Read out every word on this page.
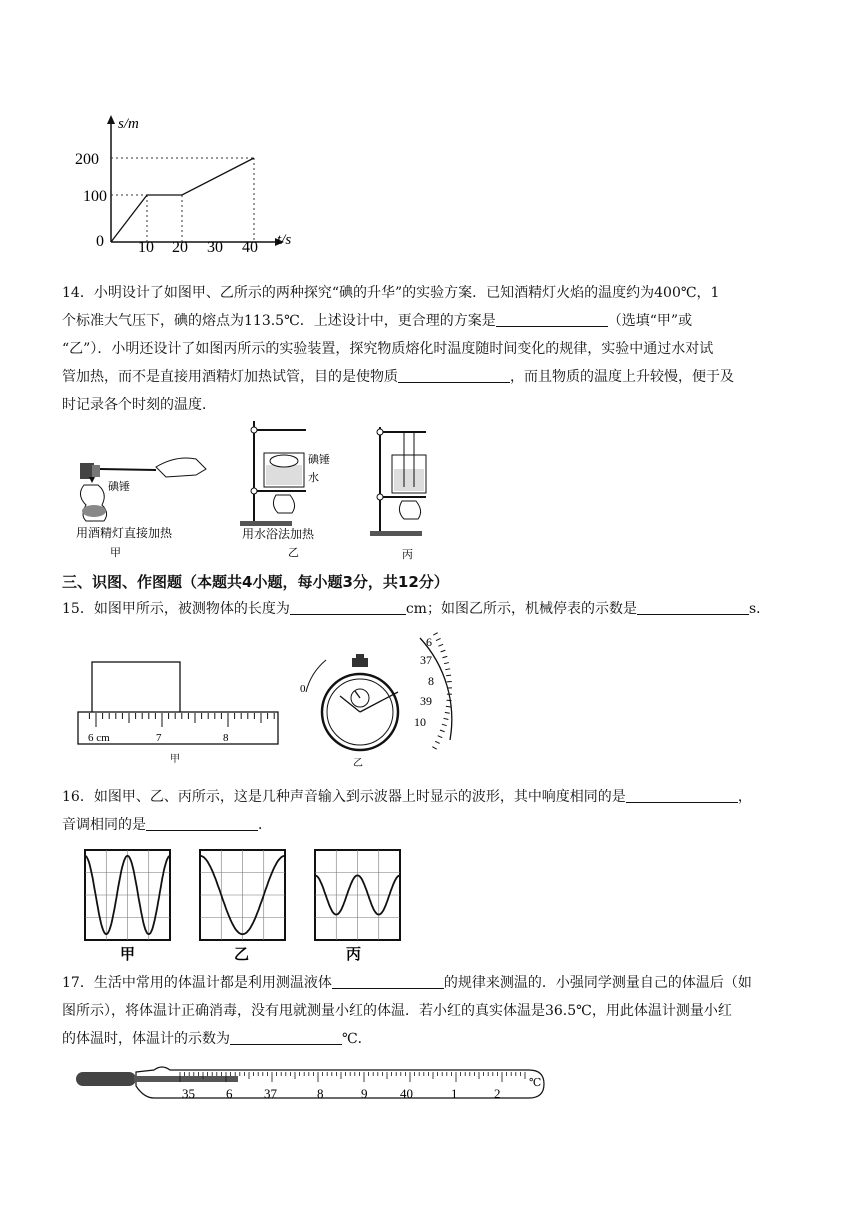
s/m
t/s
200
100
0 10 20 30 40
14．小明设计了如图甲、乙所示的两种探究“碘的升华”的实验方案．已知酒精灯火焰的温度约为400℃，1
个标准大气压下，碘的熔点为113.5℃．上述设计中，更合理的方案是	（选填“甲”或
“乙”）．小明还设计了如图丙所示的实验装置，探究物质熔化时温度随时间变化的规律，实验中通过水对试
管加热，而不是直接用酒精灯加热试管，目的是使物质	，而且物质的温度上升较慢，便于及
时记录各个时刻的温度．
碘锤
用酒精灯直接加热
甲
碘锤
水
用水浴法加热
乙	丙
三、识图、作图题（本题共4小题，每小题3分，共12分）
15．如图甲所示，被测物体的长度为	cm；如图乙所示，机械停表的示数是	s．
6 cm	7	8
甲
0
6
37
8
39
10
乙
16．如图甲、乙、丙所示，这是几种声音输入到示波器上时显示的波形，其中响度相同的是	，
音调相同的是	．
甲	乙	丙
17．生活中常用的体温计都是利用测温液体	的规律来测温的．小强同学测量自己的体温后（如
图所示），将体温计正确消毒，没有甩就测量小红的体温．若小红的真实体温是36.5℃，用此体温计测量小红
的体温时，体温计的示数为	℃．
35 6 37	8	9	40	1	2
℃
